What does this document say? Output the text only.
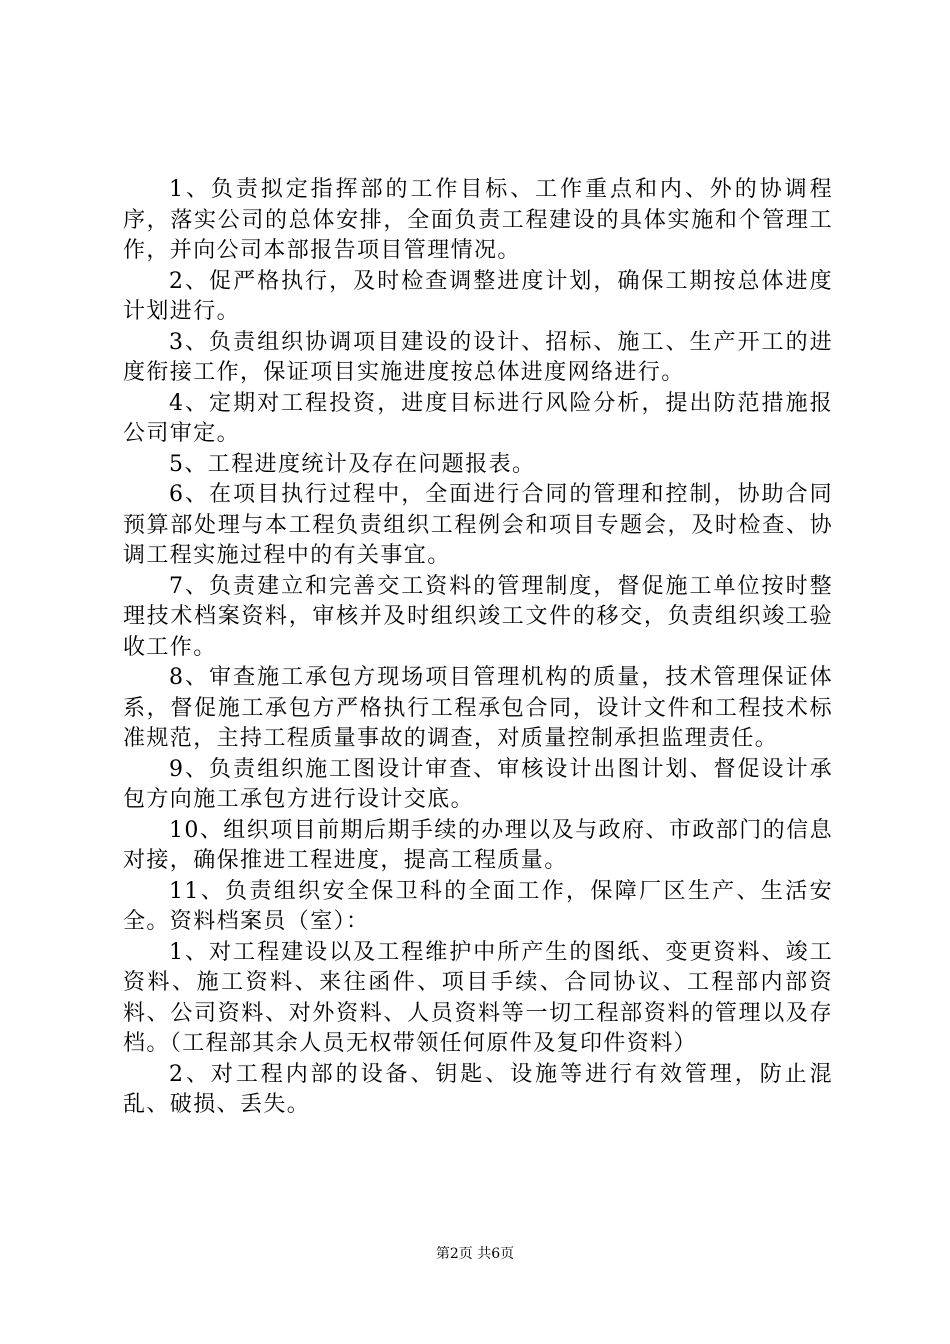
1、负责拟定指挥部的工作目标、工作重点和内、外的协调程序，落实公司的总体安排，全面负责工程建设的具体实施和个管理工作，并向公司本部报告项目管理情况。

2、促严格执行，及时检查调整进度计划，确保工期按总体进度计划进行。

3、负责组织协调项目建设的设计、招标、施工、生产开工的进度衔接工作，保证项目实施进度按总体进度网络进行。

4、定期对工程投资，进度目标进行风险分析，提出防范措施报公司审定。

5、工程进度统计及存在问题报表。

6、在项目执行过程中，全面进行合同的管理和控制，协助合同预算部处理与本工程负责组织工程例会和项目专题会，及时检查、协调工程实施过程中的有关事宜。

7、负责建立和完善交工资料的管理制度，督促施工单位按时整理技术档案资料，审核并及时组织竣工文件的移交，负责组织竣工验收工作。

8、审查施工承包方现场项目管理机构的质量，技术管理保证体系，督促施工承包方严格执行工程承包合同，设计文件和工程技术标准规范，主持工程质量事故的调查，对质量控制承担监理责任。

9、负责组织施工图设计审查、审核设计出图计划、督促设计承包方向施工承包方进行设计交底。

10、组织项目前期后期手续的办理以及与政府、市政部门的信息对接，确保推进工程进度，提高工程质量。

11、负责组织安全保卫科的全面工作，保障厂区生产、生活安全。资料档案员（室）：

1、对工程建设以及工程维护中所产生的图纸、变更资料、竣工资料、施工资料、来往函件、项目手续、合同协议、工程部内部资料、公司资料、对外资料、人员资料等一切工程部资料的管理以及存档。（工程部其余人员无权带领任何原件及复印件资料）

2、对工程内部的设备、钥匙、设施等进行有效管理，防止混乱、破损、丢失。

第2页 共6页
